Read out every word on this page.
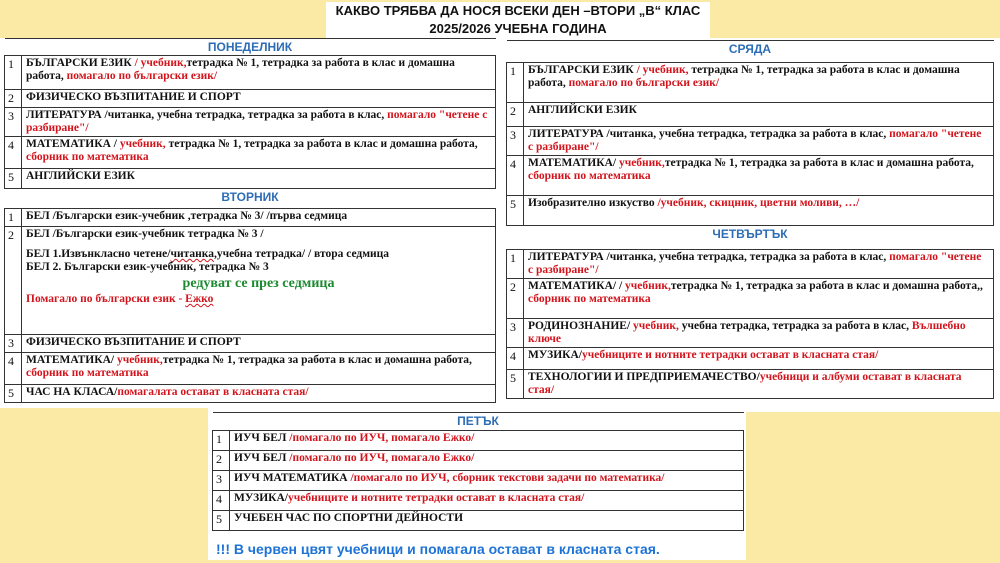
КАКВО ТРЯБВА ДА НОСЯ ВСЕКИ ДЕН –ВТОРИ „В“ КЛАС
2025/2026 УЧЕБНА ГОДИНА
ПОНЕДЕЛНИК	
1	БЪЛГАРСКИ ЕЗИК / учебник,тетрадка № 1, тетрадка за работа в клас и домашна работа, помагало по български език/
2	ФИЗИЧЕСКО ВЪЗПИТАНИЕ И СПОРТ
3	ЛИТЕРАТУРА /читанка, учебна тетрадка, тетрадка за работа в клас, помагало "четене с разбиране"/
4	МАТЕМАТИКА / учебник, тетрадка № 1, тетрадка за работа в клас и домашна работа, сборник по математика
5	АНГЛИЙСКИ ЕЗИК
ВТОРНИК	
1	БЕЛ /Български език-учебник ,тетрадка № 3/ /първа седмица
2	БЕЛ /Български език-учебник тетрадка № 3 /
БЕЛ 1.Извънкласно четене/читанка,учебна тетрадка/ / втора седмица
БЕЛ 2. Български език-учебник, тетрадка № 3
редуват се през седмица
Помагало по български език - Ежко

3	ФИЗИЧЕСКО ВЪЗПИТАНИЕ И СПОРТ
4	МАТЕМАТИКА/ учебник,тетрадка № 1, тетрадка за работа в клас и домашна работа, сборник по математика
5	ЧАС НА КЛАСА/помагалата остават в класната стая/
СРЯДА	
1	БЪЛГАРСКИ ЕЗИК / учебник, тетрадка № 1, тетрадка за работа в клас и домашна работа, помагало по български език/
2	АНГЛИЙСКИ ЕЗИК
3	ЛИТЕРАТУРА /читанка, учебна тетрадка, тетрадка за работа в клас, помагало "четене с разбиране"/
4	МАТЕМАТИКА/ учебник,тетрадка № 1, тетрадка за работа в клас и домашна работа, сборник по математика
5	Изобразително изкуство /учебник, скицник, цветни моливи, …/
ЧЕТВЪРТЪК	
1	ЛИТЕРАТУРА /читанка, учебна тетрадка, тетрадка за работа в клас, помагало "четене с разбиране"/
2	МАТЕМАТИКА/ / учебник,тетрадка № 1, тетрадка за работа в клас и домашна работа,, сборник по математика
3	РОДИНОЗНАНИЕ/ учебник, учебна тетрадка, тетрадка за работа в клас, Вълшебно ключе
4	МУЗИКА/учебниците и нотните тетрадки остават в класната стая/
5	ТЕХНОЛОГИИ И ПРЕДПРИЕМАЧЕСТВО/учебници и албуми остават в класната стая/
ПЕТЪК	
1	ИУЧ БЕЛ /помагало по ИУЧ, помагало Ежко/
2	ИУЧ БЕЛ /помагало по ИУЧ, помагало Ежко/
3	ИУЧ МАТЕМАТИКА /помагало по ИУЧ, сборник текстови задачи по математика/
4	МУЗИКА/учебниците и нотните тетрадки остават в класната стая/
5	УЧЕБЕН ЧАС ПО СПОРТНИ ДЕЙНОСТИ
!!! В червен цвят учебници и помагала остават в класната стая.
